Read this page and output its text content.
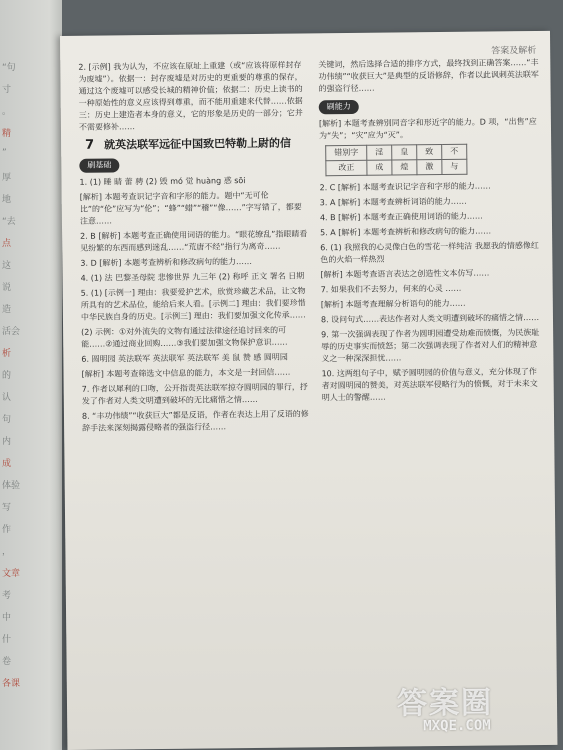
“句
寸
。
精
”
厚
地
“去
点
这
说
造
活会
析
的
认
句
内
成
体验
写
作
，
文章
考
中
什
卷
各课
答案及解析

2. [示例] 我为认为，不应该在原址上重建（或“应该将原样封存为废墟”）。依据一：封存废墟是对历史的更重要的尊重的保存，通过这个废墟可以感受长城的精神价值；依据二：历史上读书的一种原始性的意义应该得到尊重，而不能用重建来代替……依据三：历史上建造者本身的意义，它的形象是历史的一部分；它并不需要修补……

7 就英法联军远征中国致巴特勒上尉的信
刷基础

1. (1) 睡 睛 蕾 骋 (2) 毁 mó 觉 huàng 惑 sōi

[解析] 本题考查识记字音和字形的能力。题中“无可伦比”的“伦”应写为“伦”；“蜂”“蜡”“稽”“像……”字写错了，都要注意……

2. B [解析] 本题考查正确使用词语的能力。“眼花缭乱”指眼睛看见纷繁的东西而感到迷乱……“荒唐不经”指行为离奇……

3. D [解析] 本题考查辨析和修改病句的能力……

4. (1) 法 巴黎圣母院 悲惨世界 九三年 (2) 称呼 正文 署名 日期

5. (1) [示例一] 理由：我要爱护艺术，欣赏珍藏艺术品，让文物所具有的艺术品位，能给后来人看。[示例二] 理由：我们要珍惜中华民族自身的历史。[示例三] 理由：我们要加强文化传承……

(2) 示例：①对外流失的文物有通过法律途径追讨回来的可能……②通过商业回购……③我们要加强文物保护意识……

6. 圆明园 英法联军 英法联军 英法联军 美 鼠 赞 感 圆明园

[解析] 本题考查筛选文中信息的能力，本文是一封回信……

7. 作者以犀利的口吻，公开指责英法联军掠夺圆明园的罪行，抒发了作者对人类文明遭到破坏的无比痛惜之情……

8. “丰功伟绩”“收获巨大”都是反语，作者在表达上用了反语的修辞手法来深刻揭露侵略者的强盗行径……

关键词，然后选择合适的排序方式，最终找到正确答案……“丰功伟绩”“收获巨大”是典型的反语修辞，作者以此讽刺英法联军的强盗行径……

刷能力

[解析] 本题考查辨别同音字和形近字的能力。D 项，“出售”应为“失”；“灾”应为“灭”。

错别字	淫	皇	致	不
改正	成	煌	激	与

2. C [解析] 本题考查识记字音和字形的能力……

3. A [解析] 本题考查辨析词语的能力……

4. B [解析] 本题考查正确使用词语的能力……

5. A [解析] 本题考查辨析和修改病句的能力……

6. (1) 我照我的心灵像白色的雪花一样纯洁 我愿我的情感像红色的火焰一样热烈

[解析] 本题考查语言表达之创造性文本仿写……

7. 如果我们不去努力，何来的心灵 ……

[解析] 本题考查理解分析语句的能力……

8. 设问句式……表达作者对人类文明遭到破坏的痛惜之情……

9. 第一次强调表现了作者为圆明园遭受劫难而愤慨，为民族耻辱的历史事实而愤怒；第二次强调表现了作者对人们的精神意义之一种深深担忧……

10. 这两组句子中，赋予圆明园的价值与意义，充分体现了作者对圆明园的赞美，对英法联军侵略行为的愤慨，对于未来文明人士的警醒……

答案圈
MXQE.COM
